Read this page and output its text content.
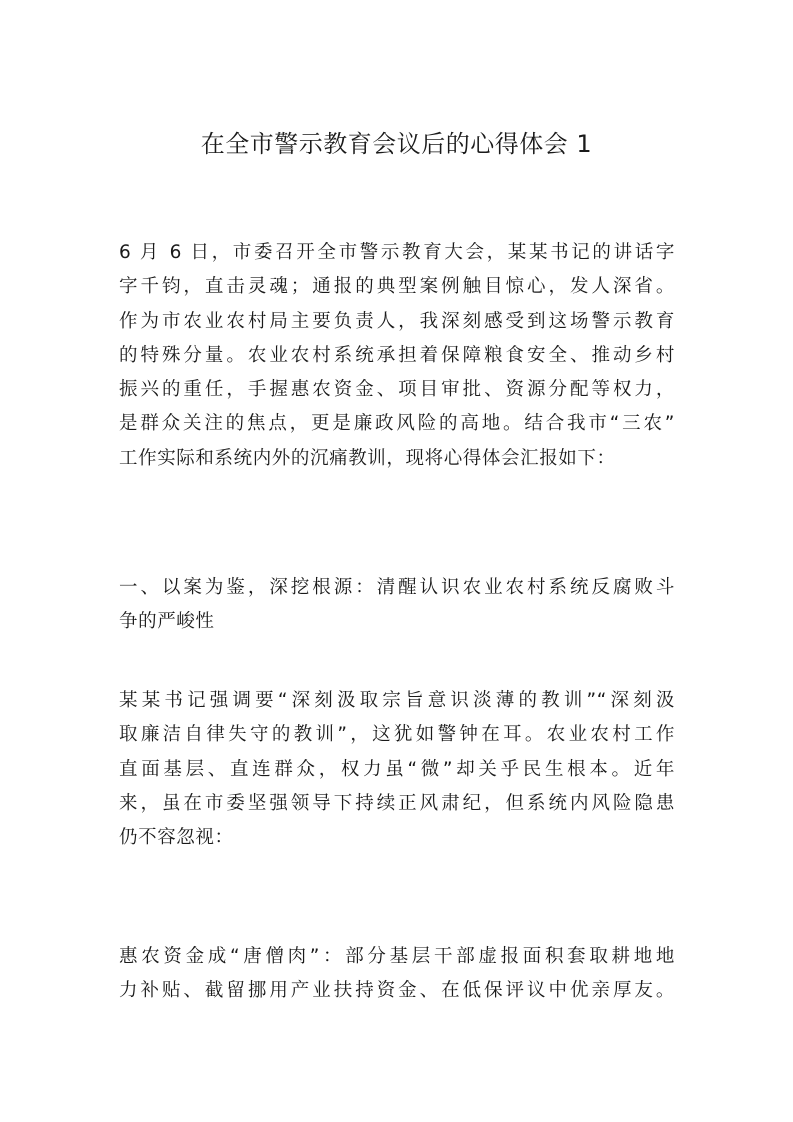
在全市警示教育会议后的心得体会 1
6 月 6 日，市委召开全市警示教育大会，某某书记的讲话字
字千钧，直击灵魂；通报的典型案例触目惊心，发人深省。
作为市农业农村局主要负责人，我深刻感受到这场警示教育
的特殊分量。农业农村系统承担着保障粮食安全、推动乡村
振兴的重任，手握惠农资金、项目审批、资源分配等权力，
是群众关注的焦点，更是廉政风险的高地。结合我市“三农”
工作实际和系统内外的沉痛教训，现将心得体会汇报如下：
一、以案为鉴，深挖根源：清醒认识农业农村系统反腐败斗
争的严峻性
某某书记强调要“深刻汲取宗旨意识淡薄的教训”“深刻汲
取廉洁自律失守的教训”，这犹如警钟在耳。农业农村工作
直面基层、直连群众，权力虽“微”却关乎民生根本。近年
来，虽在市委坚强领导下持续正风肃纪，但系统内风险隐患
仍不容忽视：
惠农资金成“唐僧肉”：部分基层干部虚报面积套取耕地地
力补贴、截留挪用产业扶持资金、在低保评议中优亲厚友。
